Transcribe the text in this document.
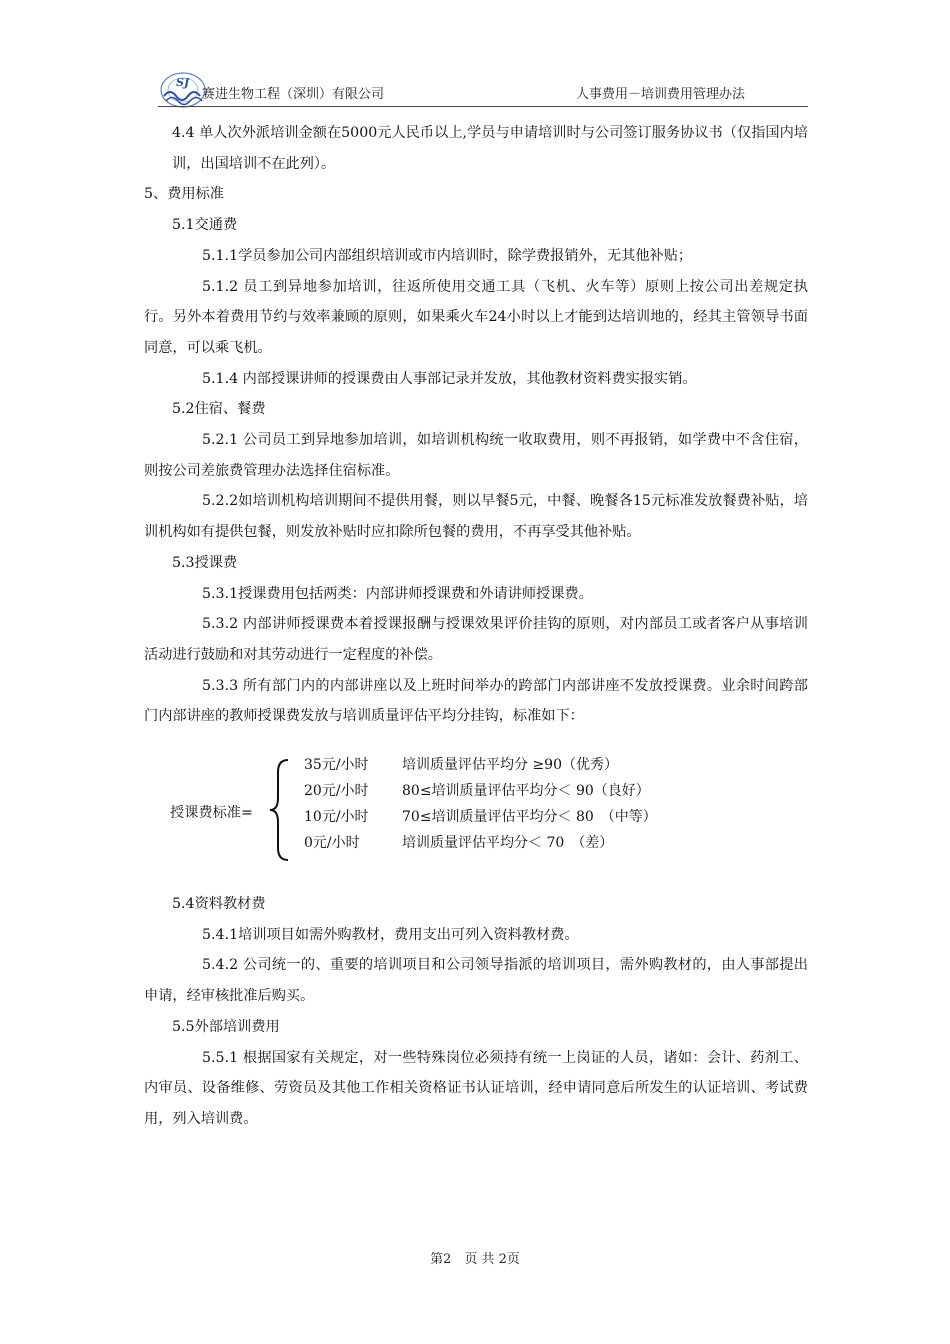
SJ
赛进生物工程（深圳）有限公司	人事费用－培训费用管理办法

4.4 单人次外派培训金额在5000元人民币以上,学员与申请培训时与公司签订服务协议书（仅指国内培训，出国培训不在此列）。

5、费用标准

5.1交通费

5.1.1学员参加公司内部组织培训或市内培训时，除学费报销外，无其他补贴；

5.1.2 员工到异地参加培训，往返所使用交通工具（飞机、火车等）原则上按公司出差规定执行。另外本着费用节约与效率兼顾的原则，如果乘火车24小时以上才能到达培训地的，经其主管领导书面同意，可以乘飞机。

5.1.4 内部授课讲师的授课费由人事部记录并发放，其他教材资料费实报实销。

5.2住宿、餐费

5.2.1 公司员工到异地参加培训，如培训机构统一收取费用，则不再报销，如学费中不含住宿，则按公司差旅费管理办法选择住宿标准。

5.2.2如培训机构培训期间不提供用餐，则以早餐5元，中餐、晚餐各15元标准发放餐费补贴，培训机构如有提供包餐，则发放补贴时应扣除所包餐的费用，不再享受其他补贴。

5.3授课费

5.3.1授课费用包括两类：内部讲师授课费和外请讲师授课费。

5.3.2 内部讲师授课费本着授课报酬与授课效果评价挂钩的原则，对内部员工或者客户从事培训活动进行鼓励和对其劳动进行一定程度的补偿。

5.3.3 所有部门内的内部讲座以及上班时间举办的跨部门内部讲座不发放授课费。业余时间跨部门内部讲座的教师授课费发放与培训质量评估平均分挂钩，标准如下：

授课费标准=
35元/小时 培训质量评估平均分 ≥90（优秀）
20元/小时 80≤培训质量评估平均分＜ 90（良好）
10元/小时 70≤培训质量评估平均分＜ 80　（中等）
0元/小时	培训质量评估平均分＜ 70　（差）

5.4资料教材费

5.4.1培训项目如需外购教材，费用支出可列入资料教材费。

5.4.2 公司统一的、重要的培训项目和公司领导指派的培训项目，需外购教材的，由人事部提出申请，经审核批准后购买。

5.5外部培训费用

5.5.1 根据国家有关规定，对一些特殊岗位必须持有统一上岗证的人员，诸如：会计、药剂工、内审员、设备维修、劳资员及其他工作相关资格证书认证培训，经申请同意后所发生的认证培训、考试费用，列入培训费。

第2　页 共 2页
